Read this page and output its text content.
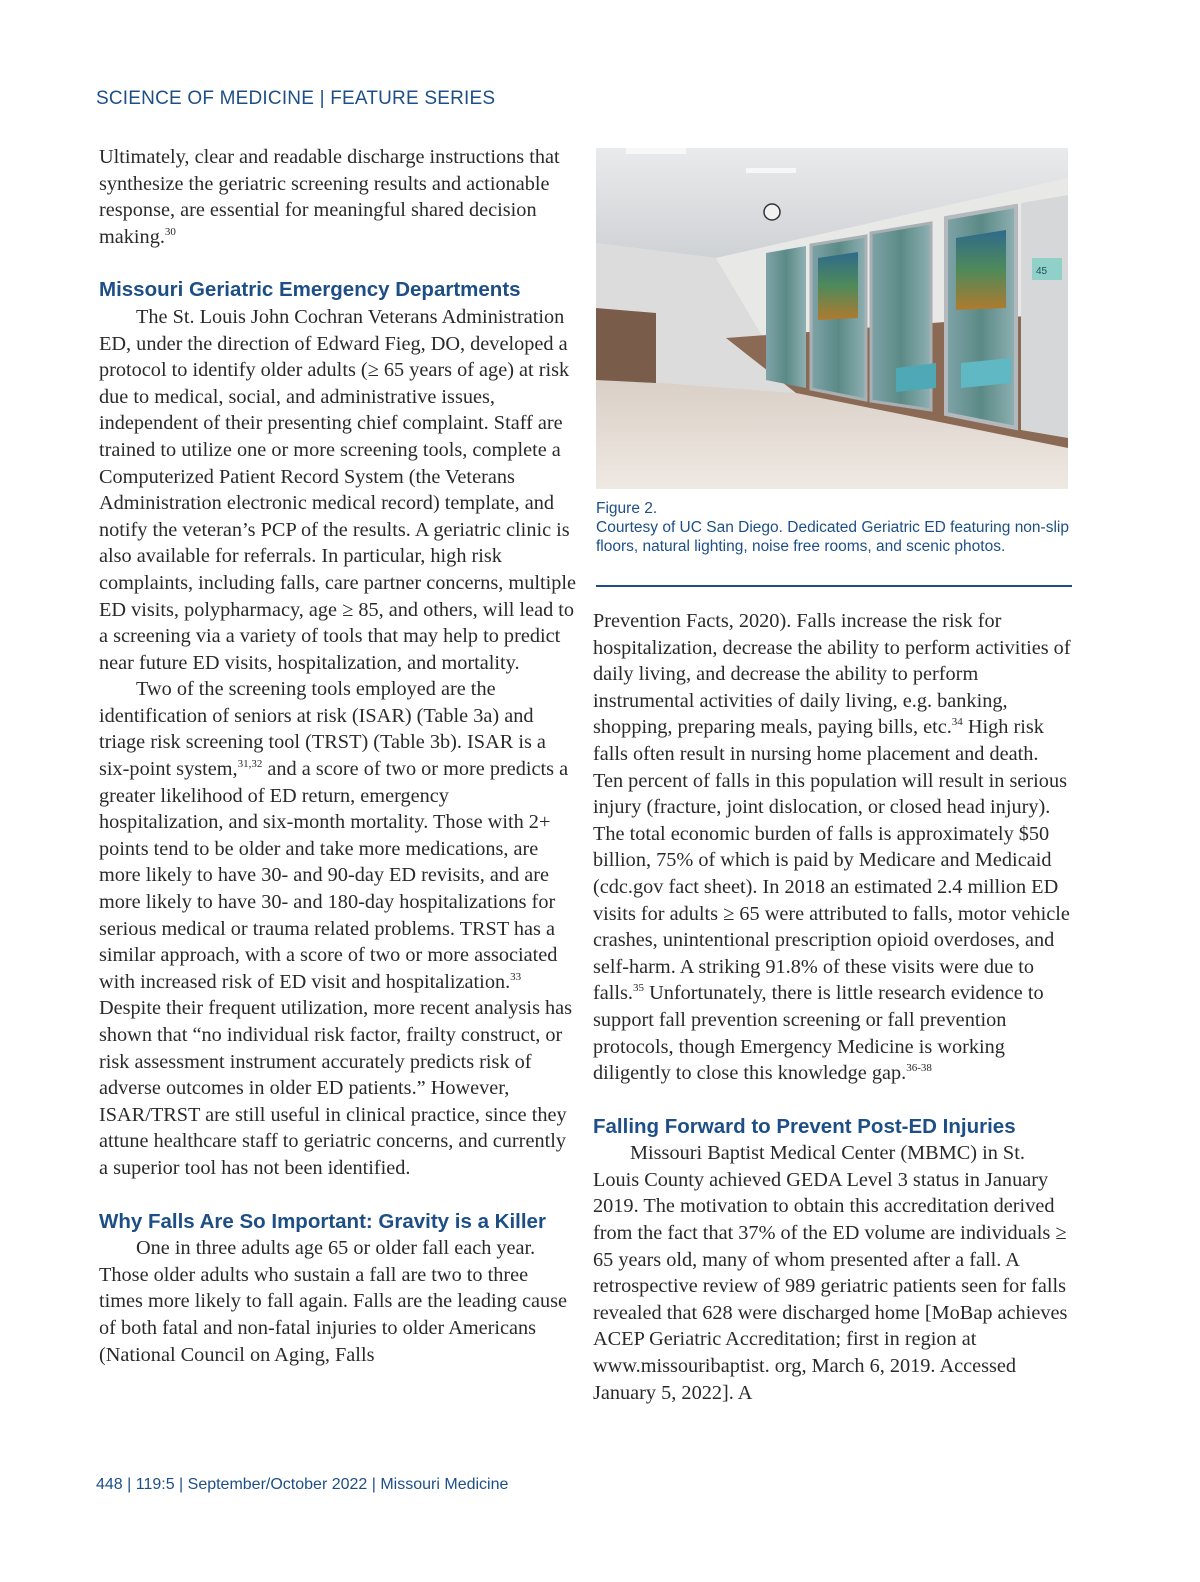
SCIENCE OF MEDICINE | FEATURE SERIES

Ultimately, clear and readable discharge instructions that synthesize the geriatric screening results and actionable response, are essential for meaningful shared decision making.$^{30}$

Missouri Geriatric Emergency Departments

The St. Louis John Cochran Veterans Administration ED, under the direction of Edward Fieg, DO, developed a protocol to identify older adults (≥ 65 years of age) at risk due to medical, social, and administrative issues, independent of their presenting chief complaint. Staff are trained to utilize one or more screening tools, complete a Computerized Patient Record System (the Veterans Administration electronic medical record) template, and notify the veteran’s PCP of the results. A geriatric clinic is also available for referrals. In particular, high risk complaints, including falls, care partner concerns, multiple ED visits, polypharmacy, age ≥ 85, and others, will lead to a screening via a variety of tools that may help to predict near future ED visits, hospitalization, and mortality.

Two of the screening tools employed are the identification of seniors at risk (ISAR) (Table 3a) and triage risk screening tool (TRST) (Table 3b). ISAR is a six-point system,$^{31,32}$ and a score of two or more predicts a greater likelihood of ED return, emergency hospitalization, and six-month mortality. Those with 2+ points tend to be older and take more medications, are more likely to have 30- and 90-day ED revisits, and are more likely to have 30- and 180-day hospitalizations for serious medical or trauma related problems. TRST has a similar approach, with a score of two or more associated with increased risk of ED visit and hospitalization.$^{33}$ Despite their frequent utilization, more recent analysis has shown that “no individual risk factor, frailty construct, or risk assessment instrument accurately predicts risk of adverse outcomes in older ED patients.” However, ISAR/TRST are still useful in clinical practice, since they attune healthcare staff to geriatric concerns, and currently a superior tool has not been identified.

Why Falls Are So Important: Gravity is a Killer

One in three adults age 65 or older fall each year. Those older adults who sustain a fall are two to three times more likely to fall again. Falls are the leading cause of both fatal and non-fatal injuries to older Americans (National Council on Aging, Falls

45
Figure 2.
Courtesy of UC San Diego. Dedicated Geriatric ED featuring non-slip floors, natural lighting, noise free rooms, and scenic photos.

Prevention Facts, 2020). Falls increase the risk for hospitalization, decrease the ability to perform activities of daily living, and decrease the ability to perform instrumental activities of daily living, e.g. banking, shopping, preparing meals, paying bills, etc.$^{34}$ High risk falls often result in nursing home placement and death. Ten percent of falls in this population will result in serious injury (fracture, joint dislocation, or closed head injury). The total economic burden of falls is approximately $50 billion, 75% of which is paid by Medicare and Medicaid (cdc.gov fact sheet). In 2018 an estimated 2.4 million ED visits for adults ≥ 65 were attributed to falls, motor vehicle crashes, unintentional prescription opioid overdoses, and self-harm. A striking 91.8% of these visits were due to falls.$^{35}$ Unfortunately, there is little research evidence to support fall prevention screening or fall prevention protocols, though Emergency Medicine is working diligently to close this knowledge gap.$^{36-38}$

Falling Forward to Prevent Post-ED Injuries

Missouri Baptist Medical Center (MBMC) in St. Louis County achieved GEDA Level 3 status in January 2019. The motivation to obtain this accreditation derived from the fact that 37% of the ED volume are individuals ≥ 65 years old, many of whom presented after a fall. A retrospective review of 989 geriatric patients seen for falls revealed that 628 were discharged home [MoBap achieves ACEP Geriatric Accreditation; first in region at www.missouribaptist. org, March 6, 2019. Accessed January 5, 2022]. A

448 | 119:5 | September/October 2022 | Missouri Medicine
